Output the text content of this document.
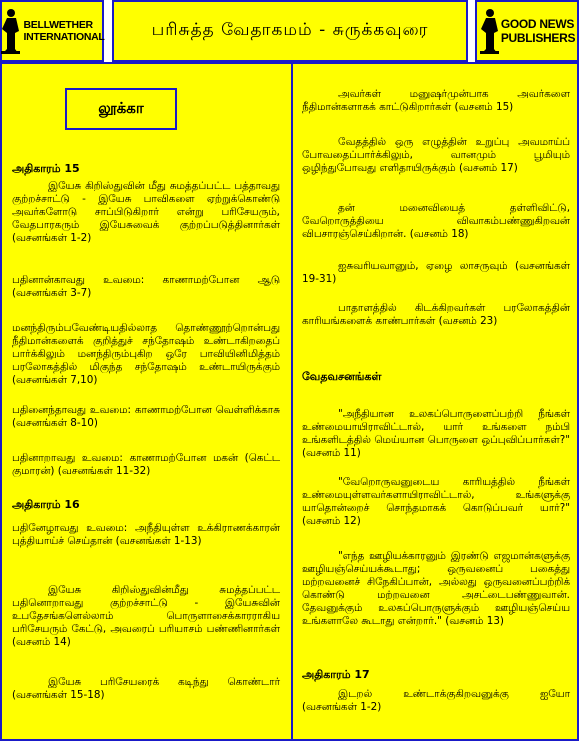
BELLWETHER
INTERNATIONAL	பரிசுத்த வேதாகமம் - சுருக்கவுரை	GOOD NEWS
PUBLISHERS
லூக்கா
அதிகாரம் 15
இயேசு கிறிஸ்துவின் மீது சுமத்தப்பட்ட பத்தாவது குற்றச்சாட்டு - இயேசு பாவிகளை ஏற்றுக்கொண்டு அவர்களோடு சாப்பிடுகிறார் என்று பரிசேயரும், வேதபாரகரும் இயேசுவைக் குற்றப்படுத்தினார்கள் (வசனங்கள் 1-2)
பதினான்காவது உவமை: காணாமற்போன ஆடு (வசனங்கள் 3-7)
மனந்திரும்பவேண்டியதில்லாத தொண்ணூற்றொன்பது நீதிமான்களைக் குறித்துச் சந்தோஷம் உண்டாகிறதைப் பார்க்கிலும் மனந்திரும்புகிற ஒரே பாவியினிமித்தம் பரலோகத்தில் மிகுந்த சந்தோஷம் உண்டாயிருக்கும் (வசனங்கள் 7,10)
பதினைந்தாவது உவமை: காணாமற்போன வெள்ளிக்காசு (வசனங்கள் 8-10)
பதினாறாவது உவமை: காணாமற்போன மகன் (கெட்ட குமாரன்) (வசனங்கள் 11-32)
அதிகாரம் 16
பதினேழாவது உவமை: அநீதியுள்ள உக்கிராணக்காரன் புத்தியாய்ச் செய்தான் (வசனங்கள் 1-13)
இயேசு கிறிஸ்துவின்மீது சுமத்தப்பட்ட பதினொறாவது குற்றச்சாட்டு - இயேசுவின் உபதேசங்களெல்லாம் பொருளாசைக்காரராகிய பரிசேயரும் கேட்டு, அவரைப் பரியாசம் பண்ணினார்கள் (வசனம் 14)
இயேசு பரிசேயரைக் கடிந்து கொண்டார் (வசனங்கள் 15-18)
அவர்கள் மனுஷர்முன்பாக அவர்களை நீதிமான்களாகக் காட்டுகிறார்கள் (வசனம் 15)
வேதத்தில் ஒரு எழுத்தின் உறுப்பு அவமாய்ப் போவதைப்பார்க்கிலும், வானமும் பூமியும் ஒழிந்துபோவது எளிதாயிருக்கும் (வசனம் 17)
தன் மனைவியைத் தள்ளிவிட்டு, வேறொருத்தியை விவாகம்பண்ணுகிறவன் விபசாரஞ்செய்கிறான். (வசனம் 18)
ஐசுவரியவானும், ஏழை லாசருவும் (வசனங்கள் 19-31)
பாதாளத்தில் கிடக்கிறவர்கள் பரலோகத்தின் காரியங்களைக் காண்பார்கள் (வசனம் 23)
வேதவசனங்கள்
"அநீதியான உலகப்பொருளைப்பற்றி நீங்கள் உண்மையாயிராவிட்டால், யார் உங்களை நம்பி உங்களிடத்தில் மெய்யான பொருளை ஒப்புவிப்பார்கள்?" (வசனம் 11)
"வேறொருவனுடைய காரியத்தில் நீங்கள் உண்மையுள்ளவர்களாயிராவிட்டால், உங்களுக்கு யாதொன்றைச் சொந்தமாகக் கொடுப்பவர் யார்?" (வசனம் 12)
"எந்த ஊழியக்காரனும் இரண்டு எஜமான்களுக்கு ஊழியஞ்செய்யக்கூடாது; ஒருவனைப் பகைத்து மற்றவனைச் சிநேகிப்பான், அல்லது ஒருவனைப்பற்றிக் கொண்டு மற்றவனை அசட்டைபண்ணுவான். தேவனுக்கும் உலகப்பொருளுக்கும் ஊழியஞ்செய்ய உங்களாலே கூடாது என்றார்." (வசனம் 13)
அதிகாரம் 17
இடறல் உண்டாக்குகிறவனுக்கு ஐயோ (வசனங்கள் 1-2)
